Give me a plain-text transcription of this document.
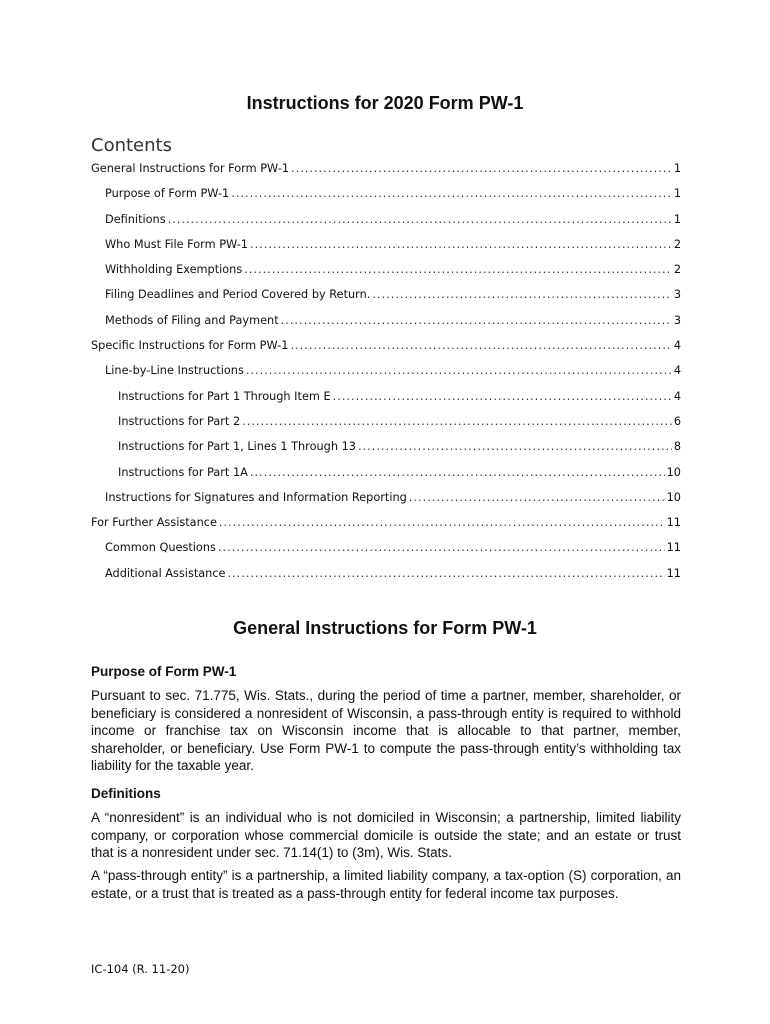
Instructions for 2020 Form PW-1
Contents
General Instructions for Form PW-1 .....	1
Purpose of Form PW-1 .....	1
Definitions .....	1
Who Must File Form PW-1 .....	2
Withholding Exemptions .....	2
Filing Deadlines and Period Covered by Return. .....	3
Methods of Filing and Payment .....	3
Specific Instructions for Form PW-1 .....	4
Line-by-Line Instructions .....	4
Instructions for Part 1 Through Item E .....	4
Instructions for Part 2 .....	6
Instructions for Part 1, Lines 1 Through 13 .....	8
Instructions for Part 1A .....	10
Instructions for Signatures and Information Reporting .....	10
For Further Assistance .....	11
Common Questions .....	11
Additional Assistance .....	11
General Instructions for Form PW-1
Purpose of Form PW-1
Pursuant to sec. 71.775, Wis. Stats., during the period of time a partner, member, shareholder, or beneficiary is considered a nonresident of Wisconsin, a pass-through entity is required to withhold income or franchise tax on Wisconsin income that is allocable to that partner, member, shareholder, or beneficiary. Use Form PW-1 to compute the pass-through entity’s withholding tax liability for the taxable year.
Definitions
A “nonresident” is an individual who is not domiciled in Wisconsin; a partnership, limited liability company, or corporation whose commercial domicile is outside the state; and an estate or trust that is a nonresident under sec. 71.14(1) to (3m), Wis. Stats.
A “pass-through entity” is a partnership, a limited liability company, a tax-option (S) corporation, an estate, or a trust that is treated as a pass-through entity for federal income tax purposes.
IC-104 (R. 11-20)
